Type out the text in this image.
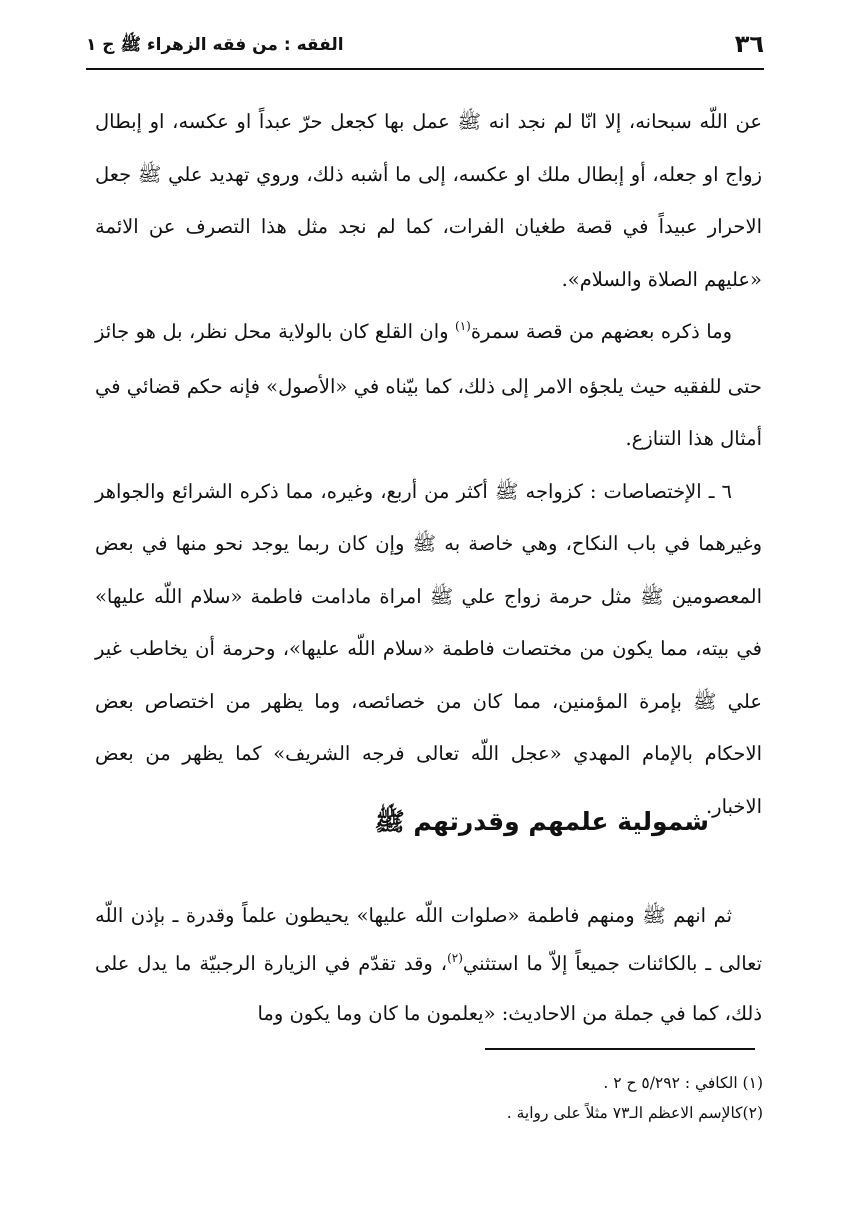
٣٦
الفقه : من فقه الزهراء ﷺ ج ١

عن اللّه سبحانه، إلا انّا لم نجد انه ﷺ عمل بها كجعل حرّ عبداً او عكسه، او إبطال زواج او جعله، أو إبطال ملك او عكسه، إلى ما أشبه ذلك، وروي تهديد علي ﷺ جعل الاحرار عبيداً في قصة طغيان الفرات، كما لم نجد مثل هذا التصرف عن الائمة «عليهم الصلاة والسلام».

وما ذكره بعضهم من قصة سمرة$^{(١)}$ وان القلع كان بالولاية محل نظر، بل هو جائز حتى للفقيه حيث يلجؤه الامر إلى ذلك، كما بيّناه في «الأصول» فإنه حكم قضائي في أمثال هذا التنازع.

٦ ـ الإختصاصات : كزواجه ﷺ أكثر من أربع، وغيره، مما ذكره الشرائع والجواهر وغيرهما في باب النكاح، وهي خاصة به ﷺ وإن كان ربما يوجد نحو منها في بعض المعصومين ﷺ مثل حرمة زواج علي ﷺ امراة مادامت فاطمة «سلام اللّه عليها» في بيته، مما يكون من مختصات فاطمة «سلام اللّه عليها»، وحرمة أن يخاطب غير علي ﷺ بإمرة المؤمنين، مما كان من خصائصه، وما يظهر من اختصاص بعض الاحكام بالإمام المهدي «عجل اللّه تعالى فرجه الشريف» كما يظهر من بعض الاخبار.

شمولية علمهم وقدرتهم ﷺ

ثم انهم ﷺ ومنهم فاطمة «صلوات اللّه عليها» يحيطون علماً وقدرة ـ بإذن اللّه تعالى ـ بالكائنات جميعاً إلاّ ما استثني$^{(٢)}$، وقد تقدّم في الزيارة الرجبيّة ما يدل على ذلك، كما في جملة من الاحاديث: «يعلمون ما كان وما يكون وما

(١) الكافي : ٥/٢٩٢ ح ٢ .
(٢)كالإسم الاعظم الـ٧٣ مثلاً على رواية .
